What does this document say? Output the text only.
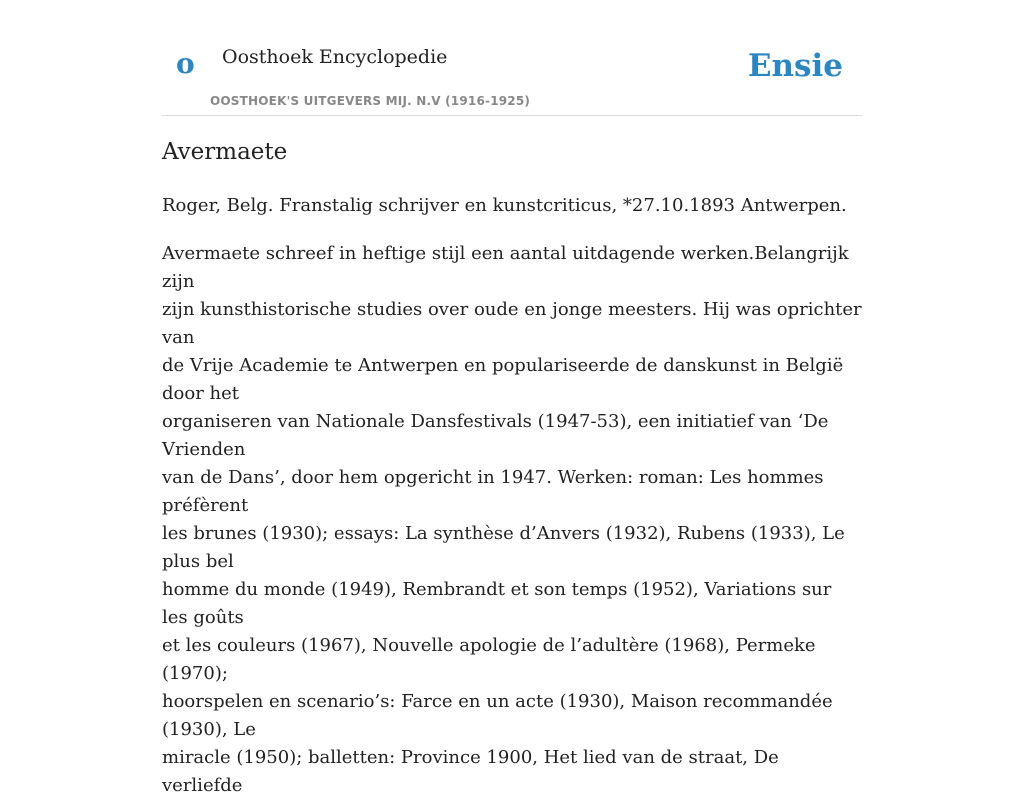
o Oosthoek Encyclopedie
OOSTHOEK'S UITGEVERS MIJ. N.V (1916-1925)
Ensie
Avermaete

Roger, Belg. Franstalig schrijver en kunstcriticus, *27.10.1893 Antwerpen.

Avermaete schreef in heftige stijl een aantal uitdagende werken.Belangrijk zijn
zijn kunsthistorische studies over oude en jonge meesters. Hij was oprichter van
de Vrije Academie te Antwerpen en populariseerde de danskunst in België door het
organiseren van Nationale Dansfestivals (1947-53), een initiatief van ‘De Vrienden
van de Dans’, door hem opgericht in 1947. Werken: roman: Les hommes préfèrent
les brunes (1930); essays: La synthèse d’Anvers (1932), Rubens (1933), Le plus bel
homme du monde (1949), Rembrandt et son temps (1952), Variations sur les goûts
et les couleurs (1967), Nouvelle apologie de l’adultère (1968), Permeke (1970);
hoorspelen en scenario’s: Farce en un acte (1930), Maison recommandée (1930), Le
miracle (1950); balletten: Province 1900, Het lied van de straat, De verliefde
